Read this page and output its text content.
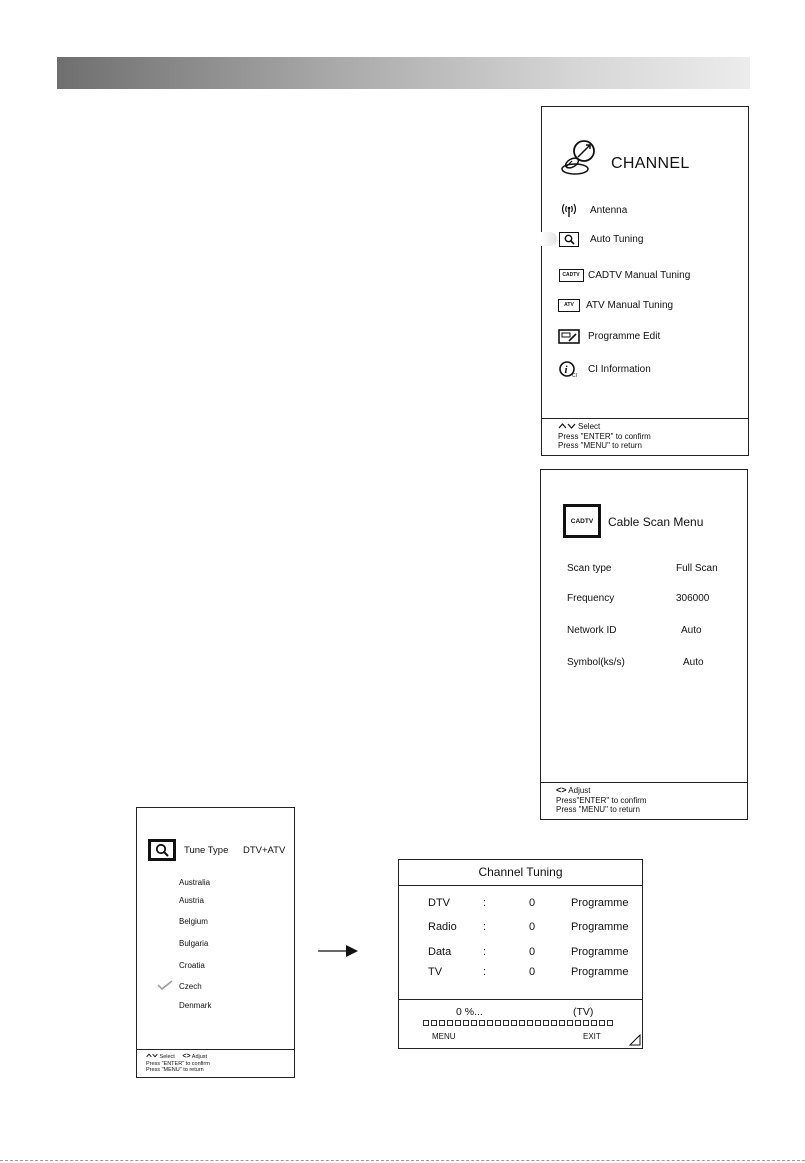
CHANNEL
Antenna
Auto Tuning
CADTV CADTV Manual Tuning
ATV	ATV Manual Tuning
Programme Edit
i CI
CI Information
Select
Press "ENTER" to confirm
Press "MENU" to return
CADTV Cable Scan Menu
Scan type	Full Scan
Frequency	306000
Network ID	Auto
Symbol(ks/s)	Auto
<> Adjust
Press"ENTER" to confirm
Press "MENU" to return
Tune Type DTV+ATV
Australia
Austria
Belgium
Bulgaria
Croatia
Czech
Denmark
Select <> Adjust
Press "ENTER" to confirm
Press "MENU" to return
Channel Tuning
DTV	:	0	Programme
Radio :	0	Programme
Data	:	0	Programme
TV	:	0	Programme
0 %...	(TV)
MENU	EXIT
